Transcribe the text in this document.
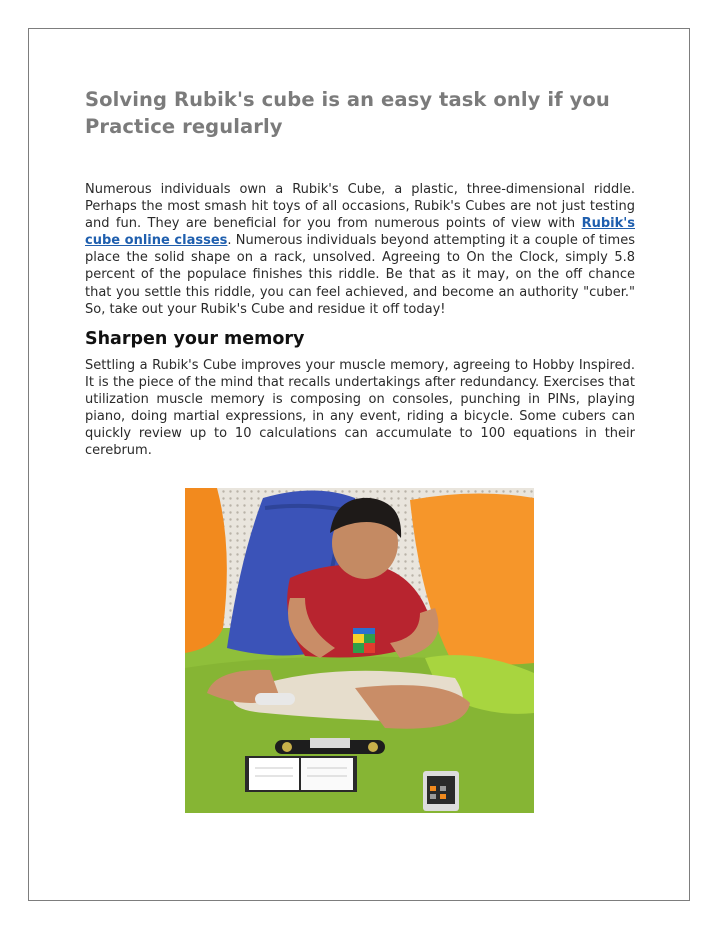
Solving Rubik's cube is an easy task only if you Practice regularly

Numerous individuals own a Rubik's Cube, a plastic, three-dimensional riddle. Perhaps the most smash hit toys of all occasions, Rubik's Cubes are not just testing and fun. They are beneficial for you from numerous points of view with Rubik's cube online classes. Numerous individuals beyond attempting it a couple of times place the solid shape on a rack, unsolved. Agreeing to On the Clock, simply 5.8 percent of the populace finishes this riddle. Be that as it may, on the off chance that you settle this riddle, you can feel achieved, and become an authority "cuber." So, take out your Rubik's Cube and residue it off today!

Sharpen your memory

Settling a Rubik's Cube improves your muscle memory, agreeing to Hobby Inspired. It is the piece of the mind that recalls undertakings after redundancy. Exercises that utilization muscle memory is composing on consoles, punching in PINs, playing piano, doing martial expressions, in any event, riding a bicycle. Some cubers can quickly review up to 10 calculations can accumulate to 100 equations in their cerebrum.
